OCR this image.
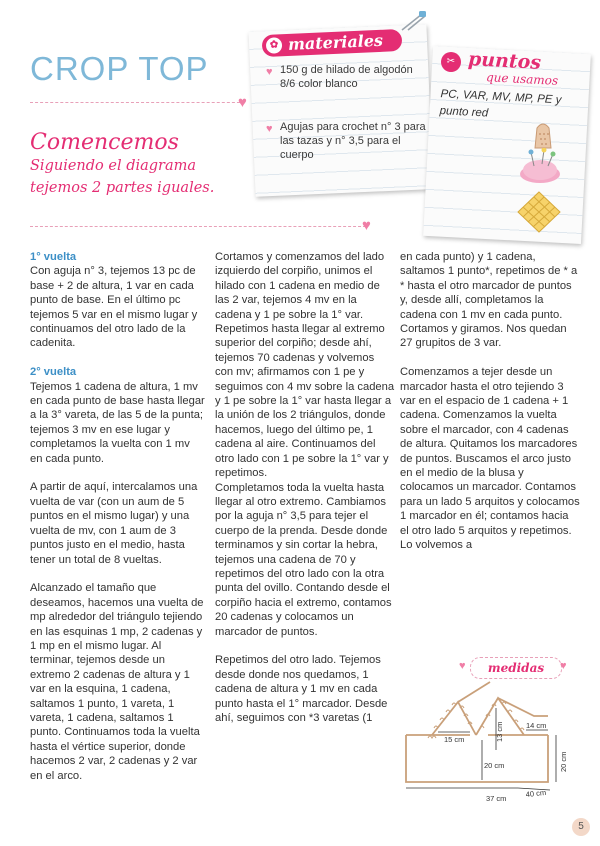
CROP TOP
♥
Comencemos
Siguiendo el diagrama tejemos 2 partes iguales.
♥
✿ materiales
♥ 150 g de hilado de algodón 8/6 color blanco
♥ Agujas para crochet n° 3 para las tazas y n° 3,5 para el cuerpo
✂ puntos
que usamos
PC, VAR, MV, MP, PE y punto red
1° vuelta

Con aguja n° 3, tejemos 13 pc de base + 2 de altura, 1 var en cada punto de base. En el último pc tejemos 5 var en el mismo lugar y continuamos del otro lado de la cadenita.

2° vuelta

Tejemos 1 cadena de altura, 1 mv en cada punto de base hasta llegar a la 3° vareta, de las 5 de la punta; tejemos 3 mv en ese lugar y completamos la vuelta con 1 mv en cada punto.

A partir de aquí, intercalamos una vuelta de var (con un aum de 5 puntos en el mismo lugar) y una vuelta de mv, con 1 aum de 3 puntos justo en el medio, hasta tener un total de 8 vueltas.

Alcanzado el tamaño que deseamos, hacemos una vuelta de mp alrededor del triángulo tejiendo en las esquinas 1 mp, 2 cadenas y 1 mp en el mismo lugar. Al terminar, tejemos desde un extremo 2 cadenas de altura y 1 var en la esquina, 1 cadena, saltamos 1 punto, 1 vareta, 1 vareta, 1 cadena, saltamos 1 punto. Continuamos toda la vuelta hasta el vértice superior, donde hacemos 2 var, 2 cadenas y 2 var en el arco.

Cortamos y comenzamos del lado izquierdo del corpiño, unimos el hilado con 1 cadena en medio de las 2 var, tejemos 4 mv en la cadena y 1 pe sobre la 1° var. Repetimos hasta llegar al extremo superior del corpiño; desde ahí, tejemos 70 cadenas y volvemos con mv; afirmamos con 1 pe y seguimos con 4 mv sobre la cadena y 1 pe sobre la 1° var hasta llegar a la unión de los 2 triángulos, donde hacemos, luego del último pe, 1 cadena al aire. Continuamos del otro lado con 1 pe sobre la 1° var y repetimos.

Completamos toda la vuelta hasta llegar al otro extremo. Cambiamos por la aguja n° 3,5 para tejer el cuerpo de la prenda. Desde donde terminamos y sin cortar la hebra, tejemos una cadena de 70 y repetimos del otro lado con la otra punta del ovillo. Contando desde el corpiño hacia el extremo, contamos 20 cadenas y colocamos un marcador de puntos.

Repetimos del otro lado. Tejemos desde donde nos quedamos, 1 cadena de altura y 1 mv en cada punto hasta el 1° marcador. Desde ahí, seguimos con *3 varetas (1

en cada punto) y 1 cadena, saltamos 1 punto*, repetimos de * a * hasta el otro marcador de puntos y, desde allí, completamos la cadena con 1 mv en cada punto. Cortamos y giramos. Nos quedan 27 grupitos de 3 var.

Comenzamos a tejer desde un marcador hasta el otro tejiendo 3 var en el espacio de 1 cadena + 1 cadena. Comenzamos la vuelta sobre el marcador, con 4 cadenas de altura. Quitamos los marcadores de puntos. Buscamos el arco justo en el medio de la blusa y colocamos un marcador. Contamos para un lado 5 arquitos y colocamos 1 marcador en él; contamos hacia el otro lado 5 arquitos y repetimos. Lo volvemos a

medidas
♥	♥
15 cm	13 cm	14 cm
20 cm	20 cm
37 cm	40 cm
5
